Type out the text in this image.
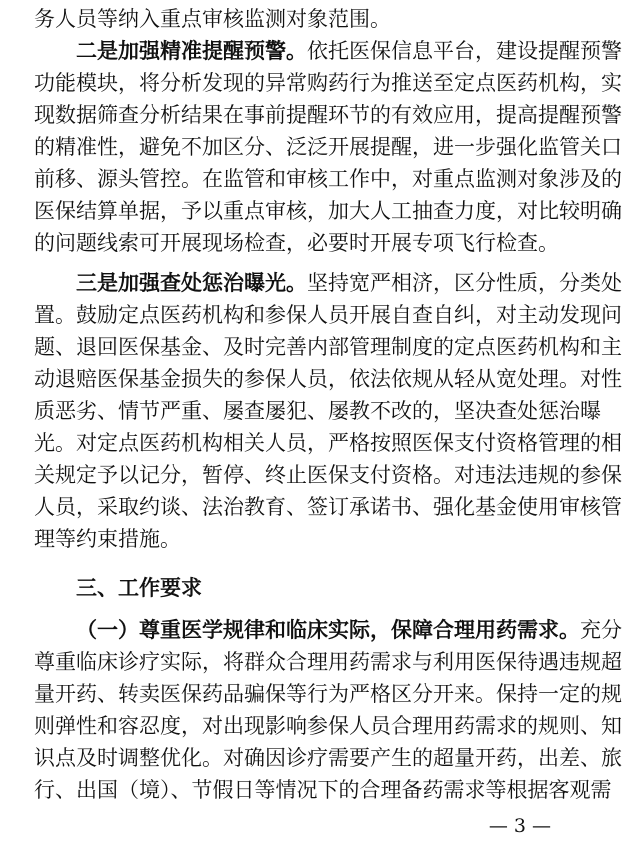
务人员等纳入重点审核监测对象范围。
二是加强精准提醒预警。依托医保信息平台，建设提醒预警
功能模块，将分析发现的异常购药行为推送至定点医药机构，实
现数据筛查分析结果在事前提醒环节的有效应用，提高提醒预警
的精准性，避免不加区分、泛泛开展提醒，进一步强化监管关口
前移、源头管控。在监管和审核工作中，对重点监测对象涉及的
医保结算单据，予以重点审核，加大人工抽查力度，对比较明确
的问题线索可开展现场检查，必要时开展专项飞行检查。
三是加强查处惩治曝光。坚持宽严相济，区分性质，分类处
置。鼓励定点医药机构和参保人员开展自查自纠，对主动发现问
题、退回医保基金、及时完善内部管理制度的定点医药机构和主
动退赔医保基金损失的参保人员，依法依规从轻从宽处理。对性
质恶劣、情节严重、屡查屡犯、屡教不改的，坚决查处惩治曝
光。对定点医药机构相关人员，严格按照医保支付资格管理的相
关规定予以记分，暂停、终止医保支付资格。对违法违规的参保
人员，采取约谈、法治教育、签订承诺书、强化基金使用审核管
理等约束措施。
三、工作要求
（一）尊重医学规律和临床实际，保障合理用药需求。充分
尊重临床诊疗实际，将群众合理用药需求与利用医保待遇违规超
量开药、转卖医保药品骗保等行为严格区分开来。保持一定的规
则弹性和容忍度，对出现影响参保人员合理用药需求的规则、知
识点及时调整优化。对确因诊疗需要产生的超量开药，出差、旅
行、出国（境）、节假日等情况下的合理备药需求等根据客观需
— 3 —
